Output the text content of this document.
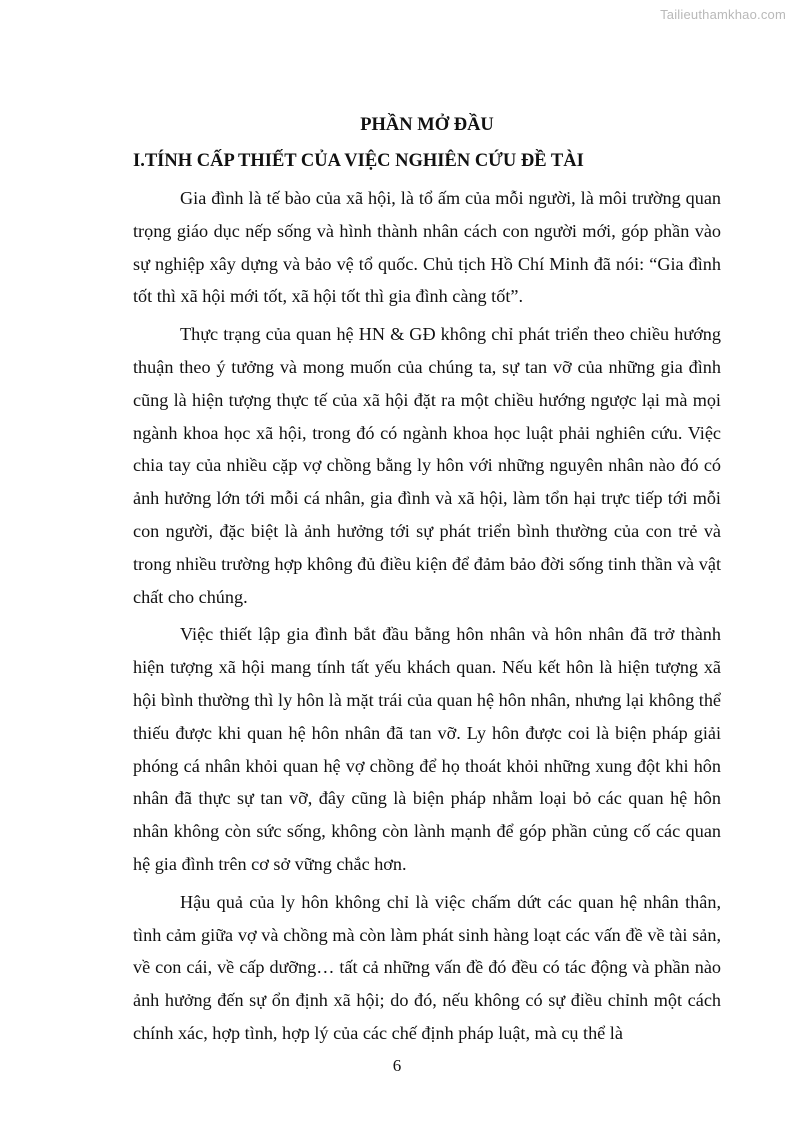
Tailieuthamkhao.com
PHẦN MỞ ĐẦU
I.TÍNH CẤP THIẾT CỦA VIỆC NGHIÊN CỨU ĐỀ TÀI

Gia đình là tế bào của xã hội, là tổ ấm của mỗi người, là môi trường quan trọng giáo dục nếp sống và hình thành nhân cách con người mới, góp phần vào sự nghiệp xây dựng và bảo vệ tổ quốc. Chủ tịch Hồ Chí Minh đã nói: “Gia đình tốt thì xã hội mới tốt, xã hội tốt thì gia đình càng tốt”.

Thực trạng của quan hệ HN & GĐ không chỉ phát triển theo chiều hướng thuận theo ý tưởng và mong muốn của chúng ta, sự tan vỡ của những gia đình cũng là hiện tượng thực tế của xã hội đặt ra một chiều hướng ngược lại mà mọi ngành khoa học xã hội, trong đó có ngành khoa học luật phải nghiên cứu. Việc chia tay của nhiều cặp vợ chồng bằng ly hôn với những nguyên nhân nào đó có ảnh hưởng lớn tới mỗi cá nhân, gia đình và xã hội, làm tổn hại trực tiếp tới mỗi con người, đặc biệt là ảnh hưởng tới sự phát triển bình thường của con trẻ và trong nhiều trường hợp không đủ điều kiện để đảm bảo đời sống tinh thần và vật chất cho chúng.

Việc thiết lập gia đình bắt đầu bằng hôn nhân và hôn nhân đã trở thành hiện tượng xã hội mang tính tất yếu khách quan. Nếu kết hôn là hiện tượng xã hội bình thường thì ly hôn là mặt trái của quan hệ hôn nhân, nhưng lại không thể thiếu được khi quan hệ hôn nhân đã tan vỡ. Ly hôn được coi là biện pháp giải phóng cá nhân khỏi quan hệ vợ chồng để họ thoát khỏi những xung đột khi hôn nhân đã thực sự tan vỡ, đây cũng là biện pháp nhằm loại bỏ các quan hệ hôn nhân không còn sức sống, không còn lành mạnh để góp phần củng cố các quan hệ gia đình trên cơ sở vững chắc hơn.

Hậu quả của ly hôn không chỉ là việc chấm dứt các quan hệ nhân thân, tình cảm giữa vợ và chồng mà còn làm phát sinh hàng loạt các vấn đề về tài sản, về con cái, về cấp dưỡng… tất cả những vấn đề đó đều có tác động và phần nào ảnh hưởng đến sự ổn định xã hội; do đó, nếu không có sự điều chỉnh một cách chính xác, hợp tình, hợp lý của các chế định pháp luật, mà cụ thể là

6
